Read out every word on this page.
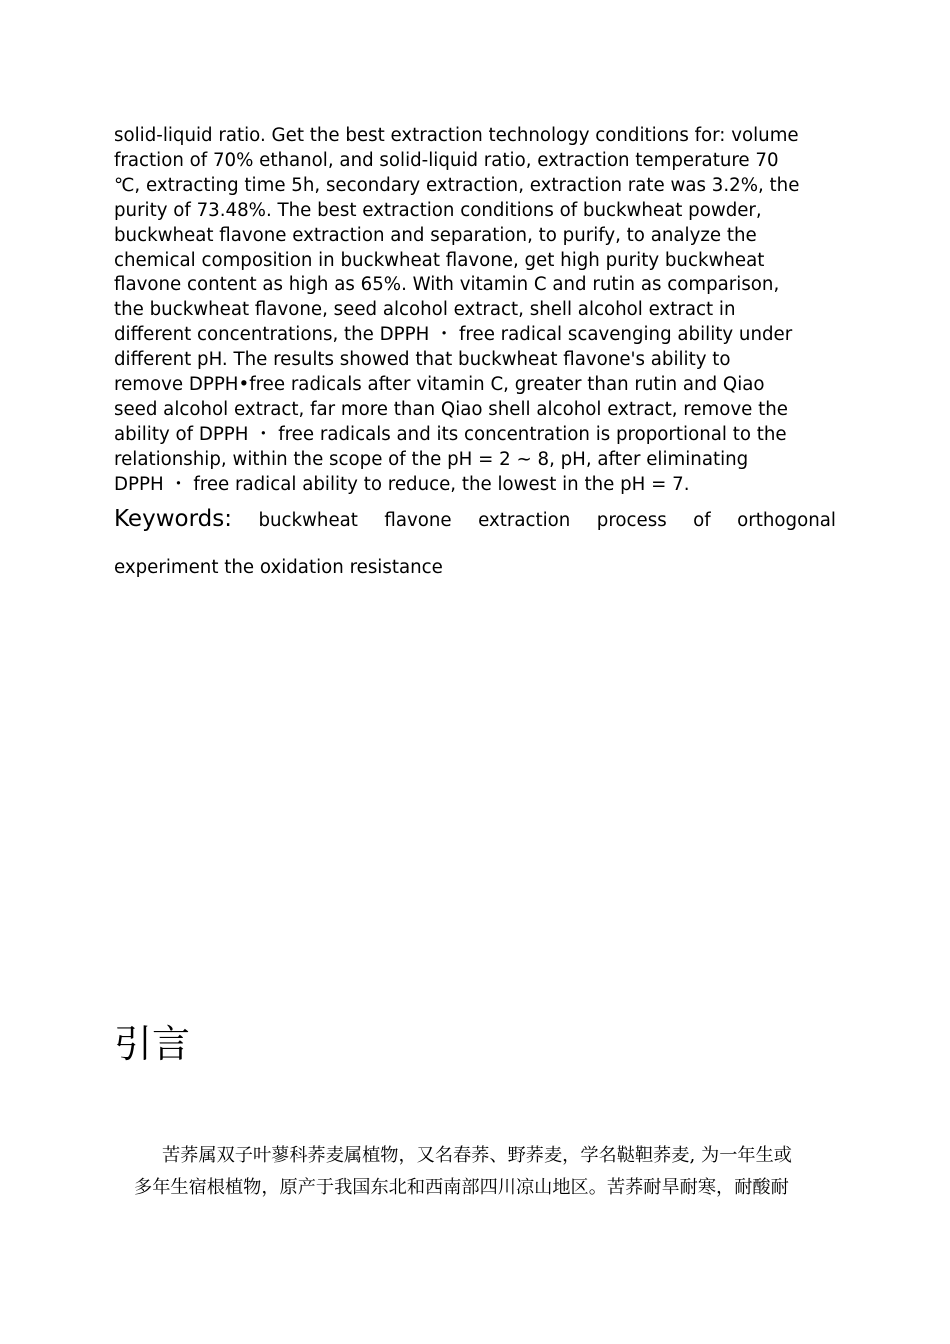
solid-liquid ratio. Get the best extraction technology conditions for: volume
fraction of 70% ethanol, and solid-liquid ratio, extraction temperature 70
℃, extracting time 5h, secondary extraction, extraction rate was 3.2%, the
purity of 73.48%. The best extraction conditions of buckwheat powder,
buckwheat flavone extraction and separation, to purify, to analyze the
chemical composition in buckwheat flavone, get high purity buckwheat
flavone content as high as 65%. With vitamin C and rutin as comparison,
the buckwheat flavone, seed alcohol extract, shell alcohol extract in
different concentrations, the DPPH ・ free radical scavenging ability under
different pH. The results showed that buckwheat flavone's ability to
remove DPPH•free radicals after vitamin C, greater than rutin and Qiao
seed alcohol extract, far more than Qiao shell alcohol extract, remove the
ability of DPPH ・ free radicals and its concentration is proportional to the
relationship, within the scope of the pH = 2 ~ 8, pH, after eliminating
DPPH ・ free radical ability to reduce, the lowest in the pH = 7.
Keywords: buckwheat flavone extraction process of orthogonal
experiment the oxidation resistance
引言
苦荞属双子叶蓼科荞麦属植物，又名春荞、野荞麦，学名鞑靼荞麦, 为一年生或
多年生宿根植物，原产于我国东北和西南部四川凉山地区。苦荞耐旱耐寒，耐酸耐
